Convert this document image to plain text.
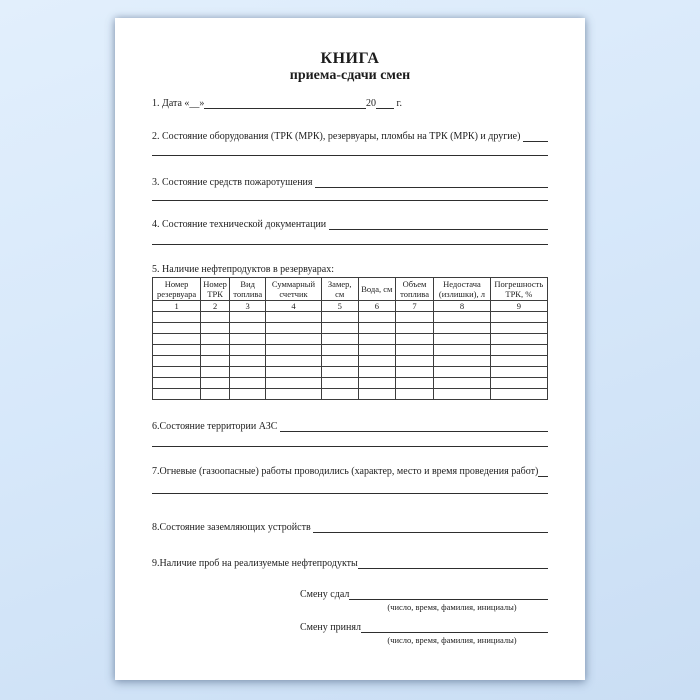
КНИГА
приема-сдачи смен
1. Дата «__»	20 г.
2. Состояние оборудования (ТРК (МРК), резервуары, пломбы на ТРК (МРК) и другие)
3. Состояние средств пожаротушения
4. Состояние технической документации
5. Наличие нефтепродуктов в резервуарах:
Номер резервуара	Номер ТРК	Вид топлива	Суммарный счетчик	Замер, см	Вода, см	Объем топлива	Недостача (излишки), л	Погрешность ТРК, %
1	2	3	4	5	6	7	8	9

6.Состояние территории АЗС
7.Огневые (газоопасные) работы проводились (характер, место и время проведения работ)
8.Состояние заземляющих устройств
9.Наличие проб на реализуемые нефтепродукты
Смену сдал
(число, время, фамилия, инициалы)
Смену принял
(число, время, фамилия, инициалы)
